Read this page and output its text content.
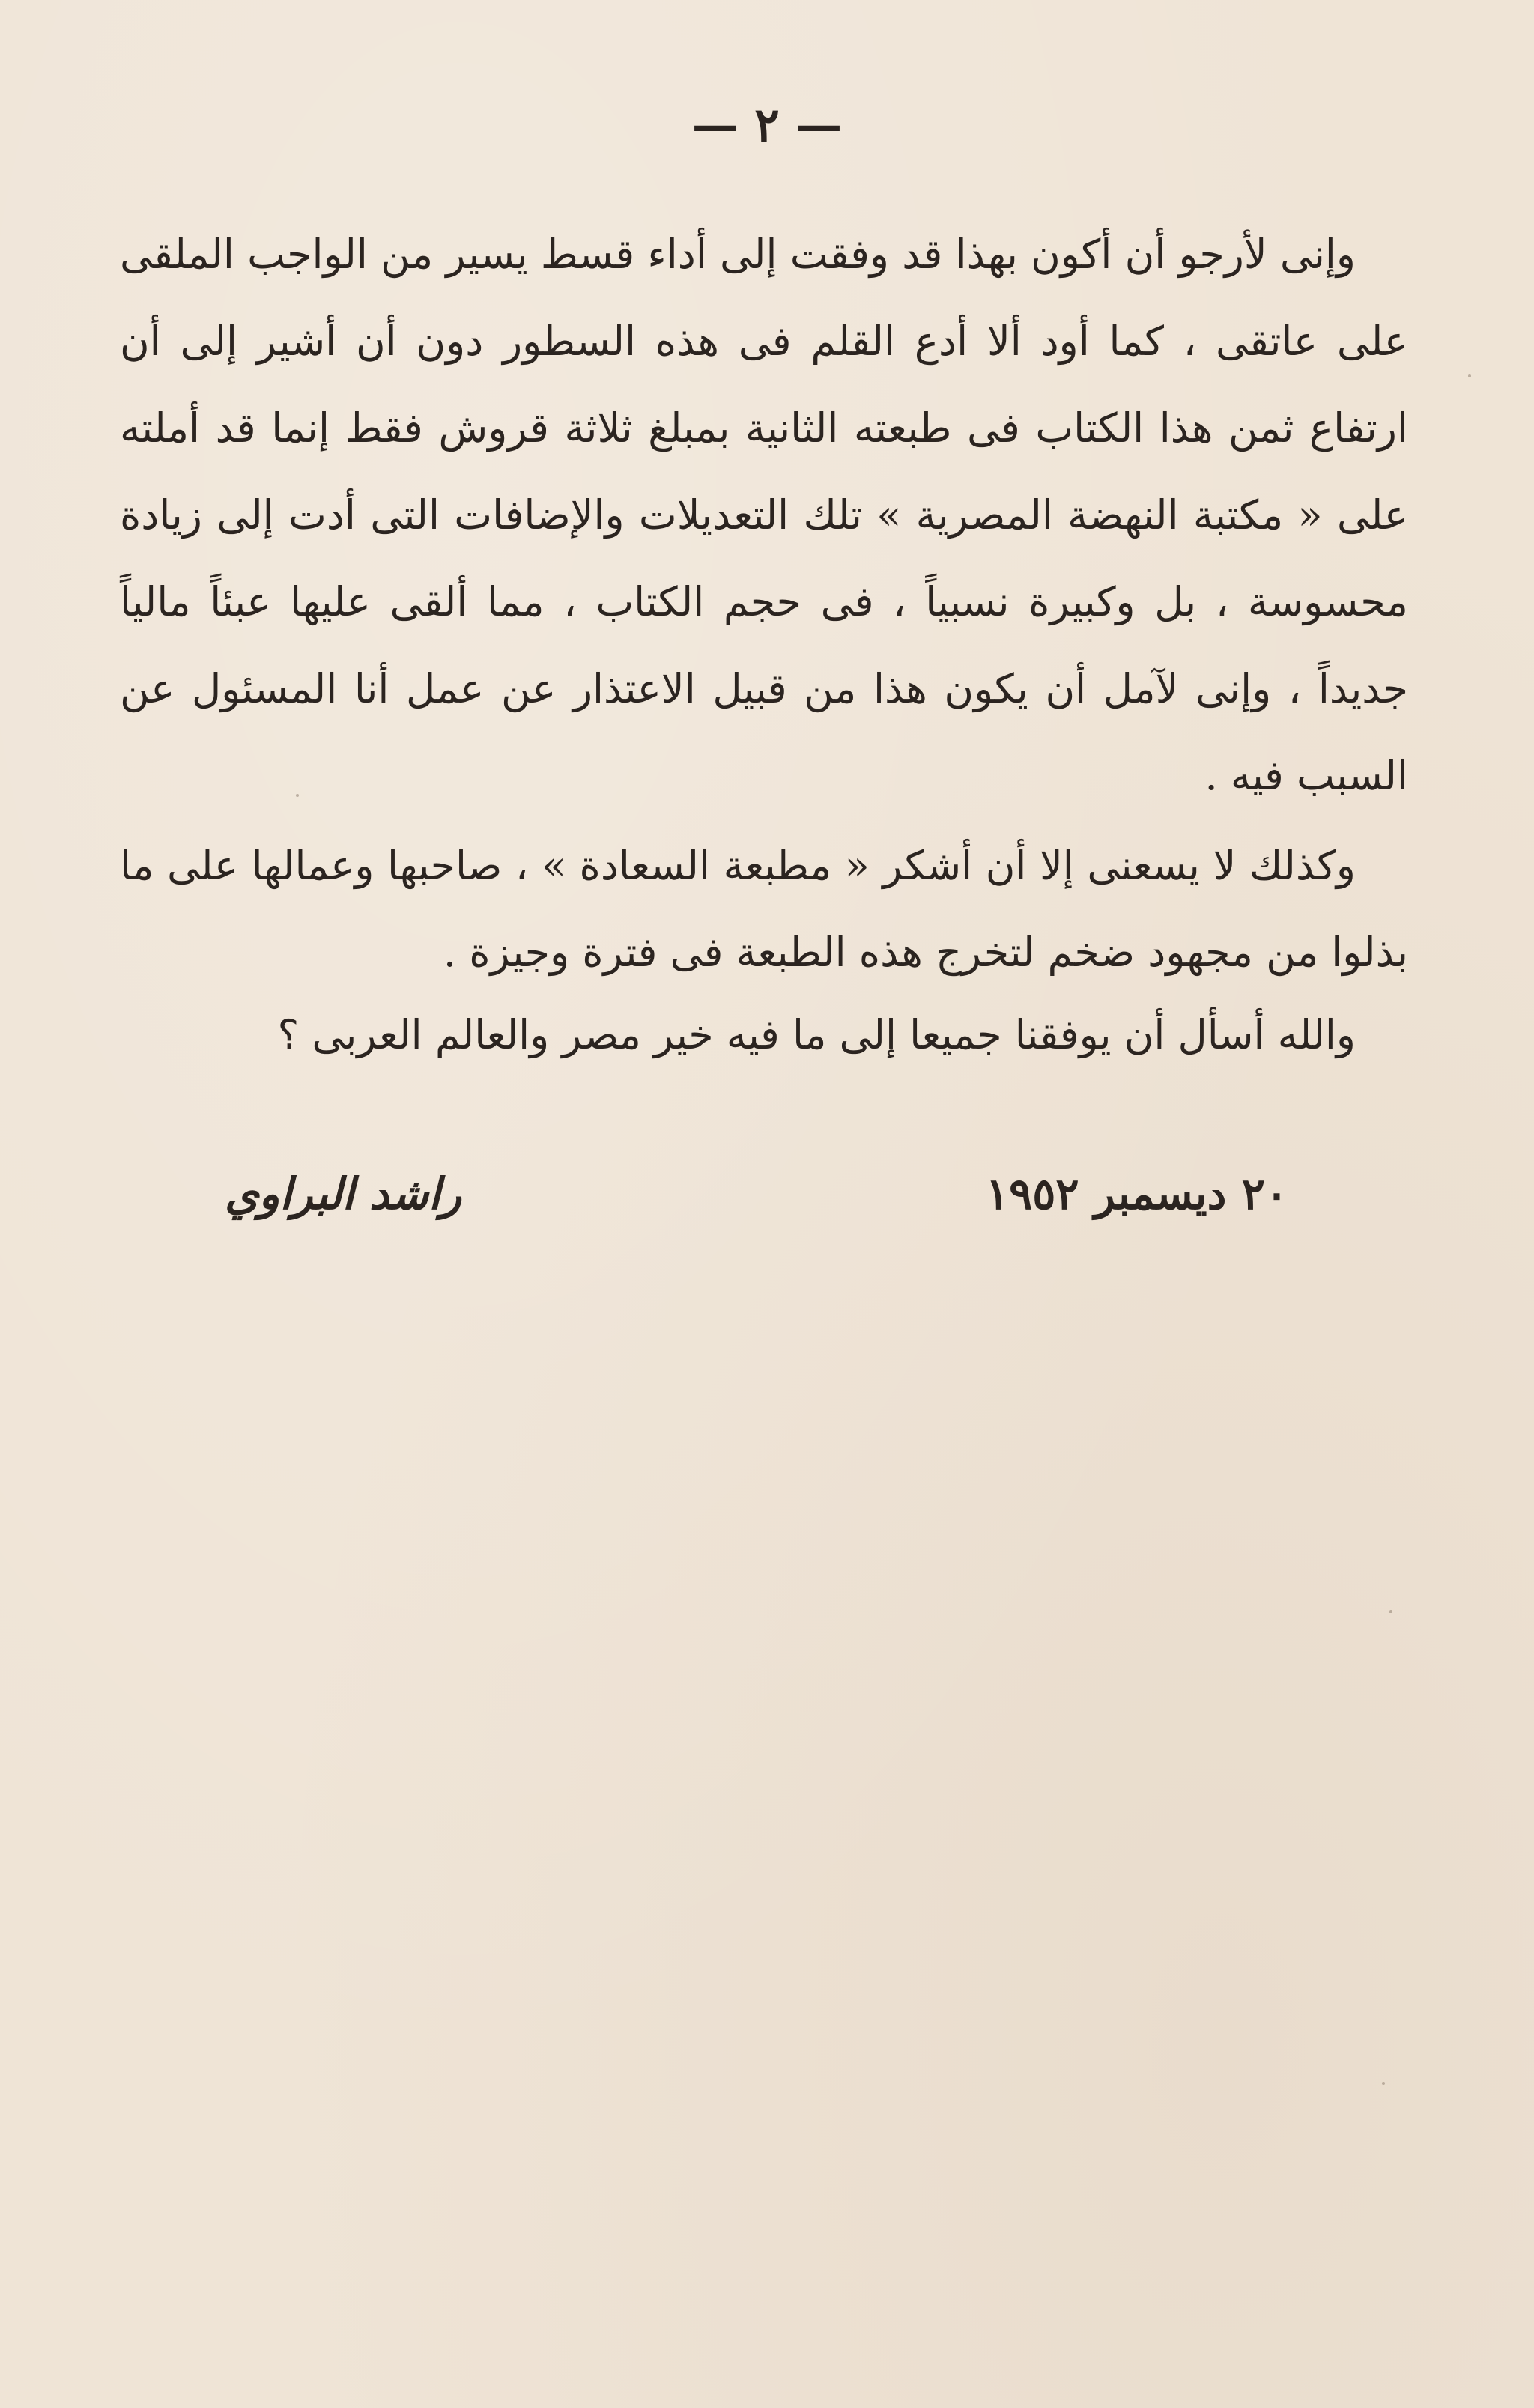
— ٢ —

وإنى لأرجو أن أكون بهذا قد وفقت إلى أداء قسط يسير من الواجب الملقى على عاتقى ، كما أود ألا أدع القلم فى هذه السطور دون أن أشير إلى أن ارتفاع ثمن هذا الكتاب فى طبعته الثانية بمبلغ ثلاثة قروش فقط إنما قد أملته على « مكتبة النهضة المصرية » تلك التعديلات والإضافات التى أدت إلى زيادة محسوسة ، بل وكبيرة نسبياً ، فى حجم الكتاب ، مما ألقى عليها عبئاً مالياً جديداً ، وإنى لآمل أن يكون هذا من قبيل الاعتذار عن عمل أنا المسئول عن السبب فيه .

وكذلك لا يسعنى إلا أن أشكر « مطبعة السعادة » ، صاحبها وعمالها على ما بذلوا من مجهود ضخم لتخرج هذه الطبعة فى فترة وجيزة .

والله أسأل أن يوفقنا جميعا إلى ما فيه خير مصر والعالم العربى ؟

٢٠ ديسمبر ١٩٥٢
راشد البراوي
